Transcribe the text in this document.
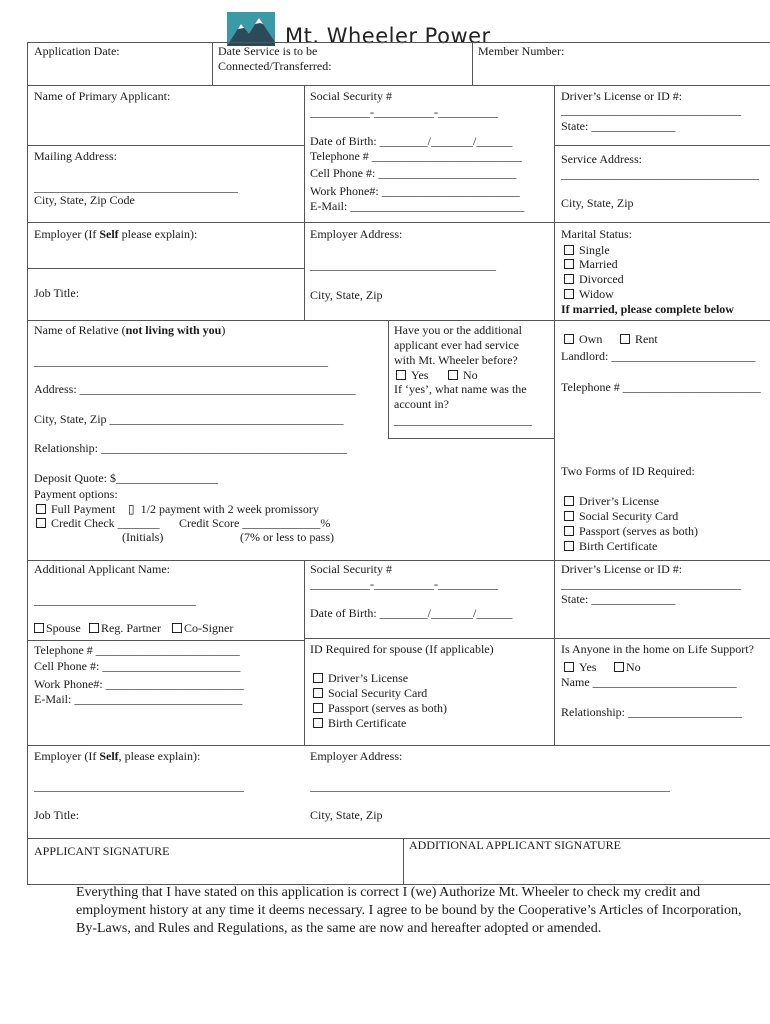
Mt. Wheeler Power
Application Date:	Date Service is to be
Connected/Transferred:
Member Number:
Name of Primary Applicant:	Social Security #
__________-__________-__________
Driver’s License or ID #:
______________________________
State: ______________
Date of Birth: ________/_______/______
Mailing Address:
__________________________________
City, State, Zip Code
Telephone # _________________________
Cell Phone #: _______________________
Work Phone#: _______________________
E-Mail: _____________________________
Service Address:
_________________________________
City, State, Zip
Employer (If Self please explain):	Employer Address:
_______________________________
Job Title:	City, State, Zip
Marital Status:
Single
Married
Divorced
Widow
If married, please complete below
Name of Relative (not living with you)
_________________________________________________
Address: ______________________________________________
City, State, Zip _______________________________________
Relationship: _________________________________________
Have you or the additional
applicant ever had service
with Mt. Wheeler before?
Yes	No
If ‘yes’, what name was the
account in?
_______________________
Own	Rent
Landlord: ________________________
Telephone # _______________________
Deposit Quote: $_________________
Payment options:
Full Payment ▯ 1/2 payment with 2 week promissory
Credit Check _______ Credit Score _____________%
(Initials)	(7% or less to pass)
Two Forms of ID Required:
Driver’s License
Social Security Card
Passport (serves as both)
Birth Certificate
Additional Applicant Name:
___________________________
Social Security #
__________-__________-__________
Date of Birth: ________/_______/______
Driver’s License or ID #:
______________________________
State: ______________
Spouse	Reg. Partner	Co-Signer
Telephone # ________________________
Cell Phone #: _______________________
Work Phone#: _______________________
E-Mail: ____________________________
ID Required for spouse (If applicable)
Driver’s License
Social Security Card
Passport (serves as both)
Birth Certificate
Is Anyone in the home on Life Support?
Yes	No
Name ________________________
Relationship: ___________________
Employer (If Self, please explain):
___________________________________
Employer Address:
____________________________________________________________
Job Title:	City, State, Zip
APPLICANT SIGNATURE	ADDITIONAL APPLICANT SIGNATURE
Everything that I have stated on this application is correct I (we) Authorize Mt. Wheeler to check my credit and employment history at any time it deems necessary. I agree to be bound by the Cooperative’s Articles of Incorporation, By-Laws, and Rules and Regulations, as the same are now and hereafter adopted or amended.
